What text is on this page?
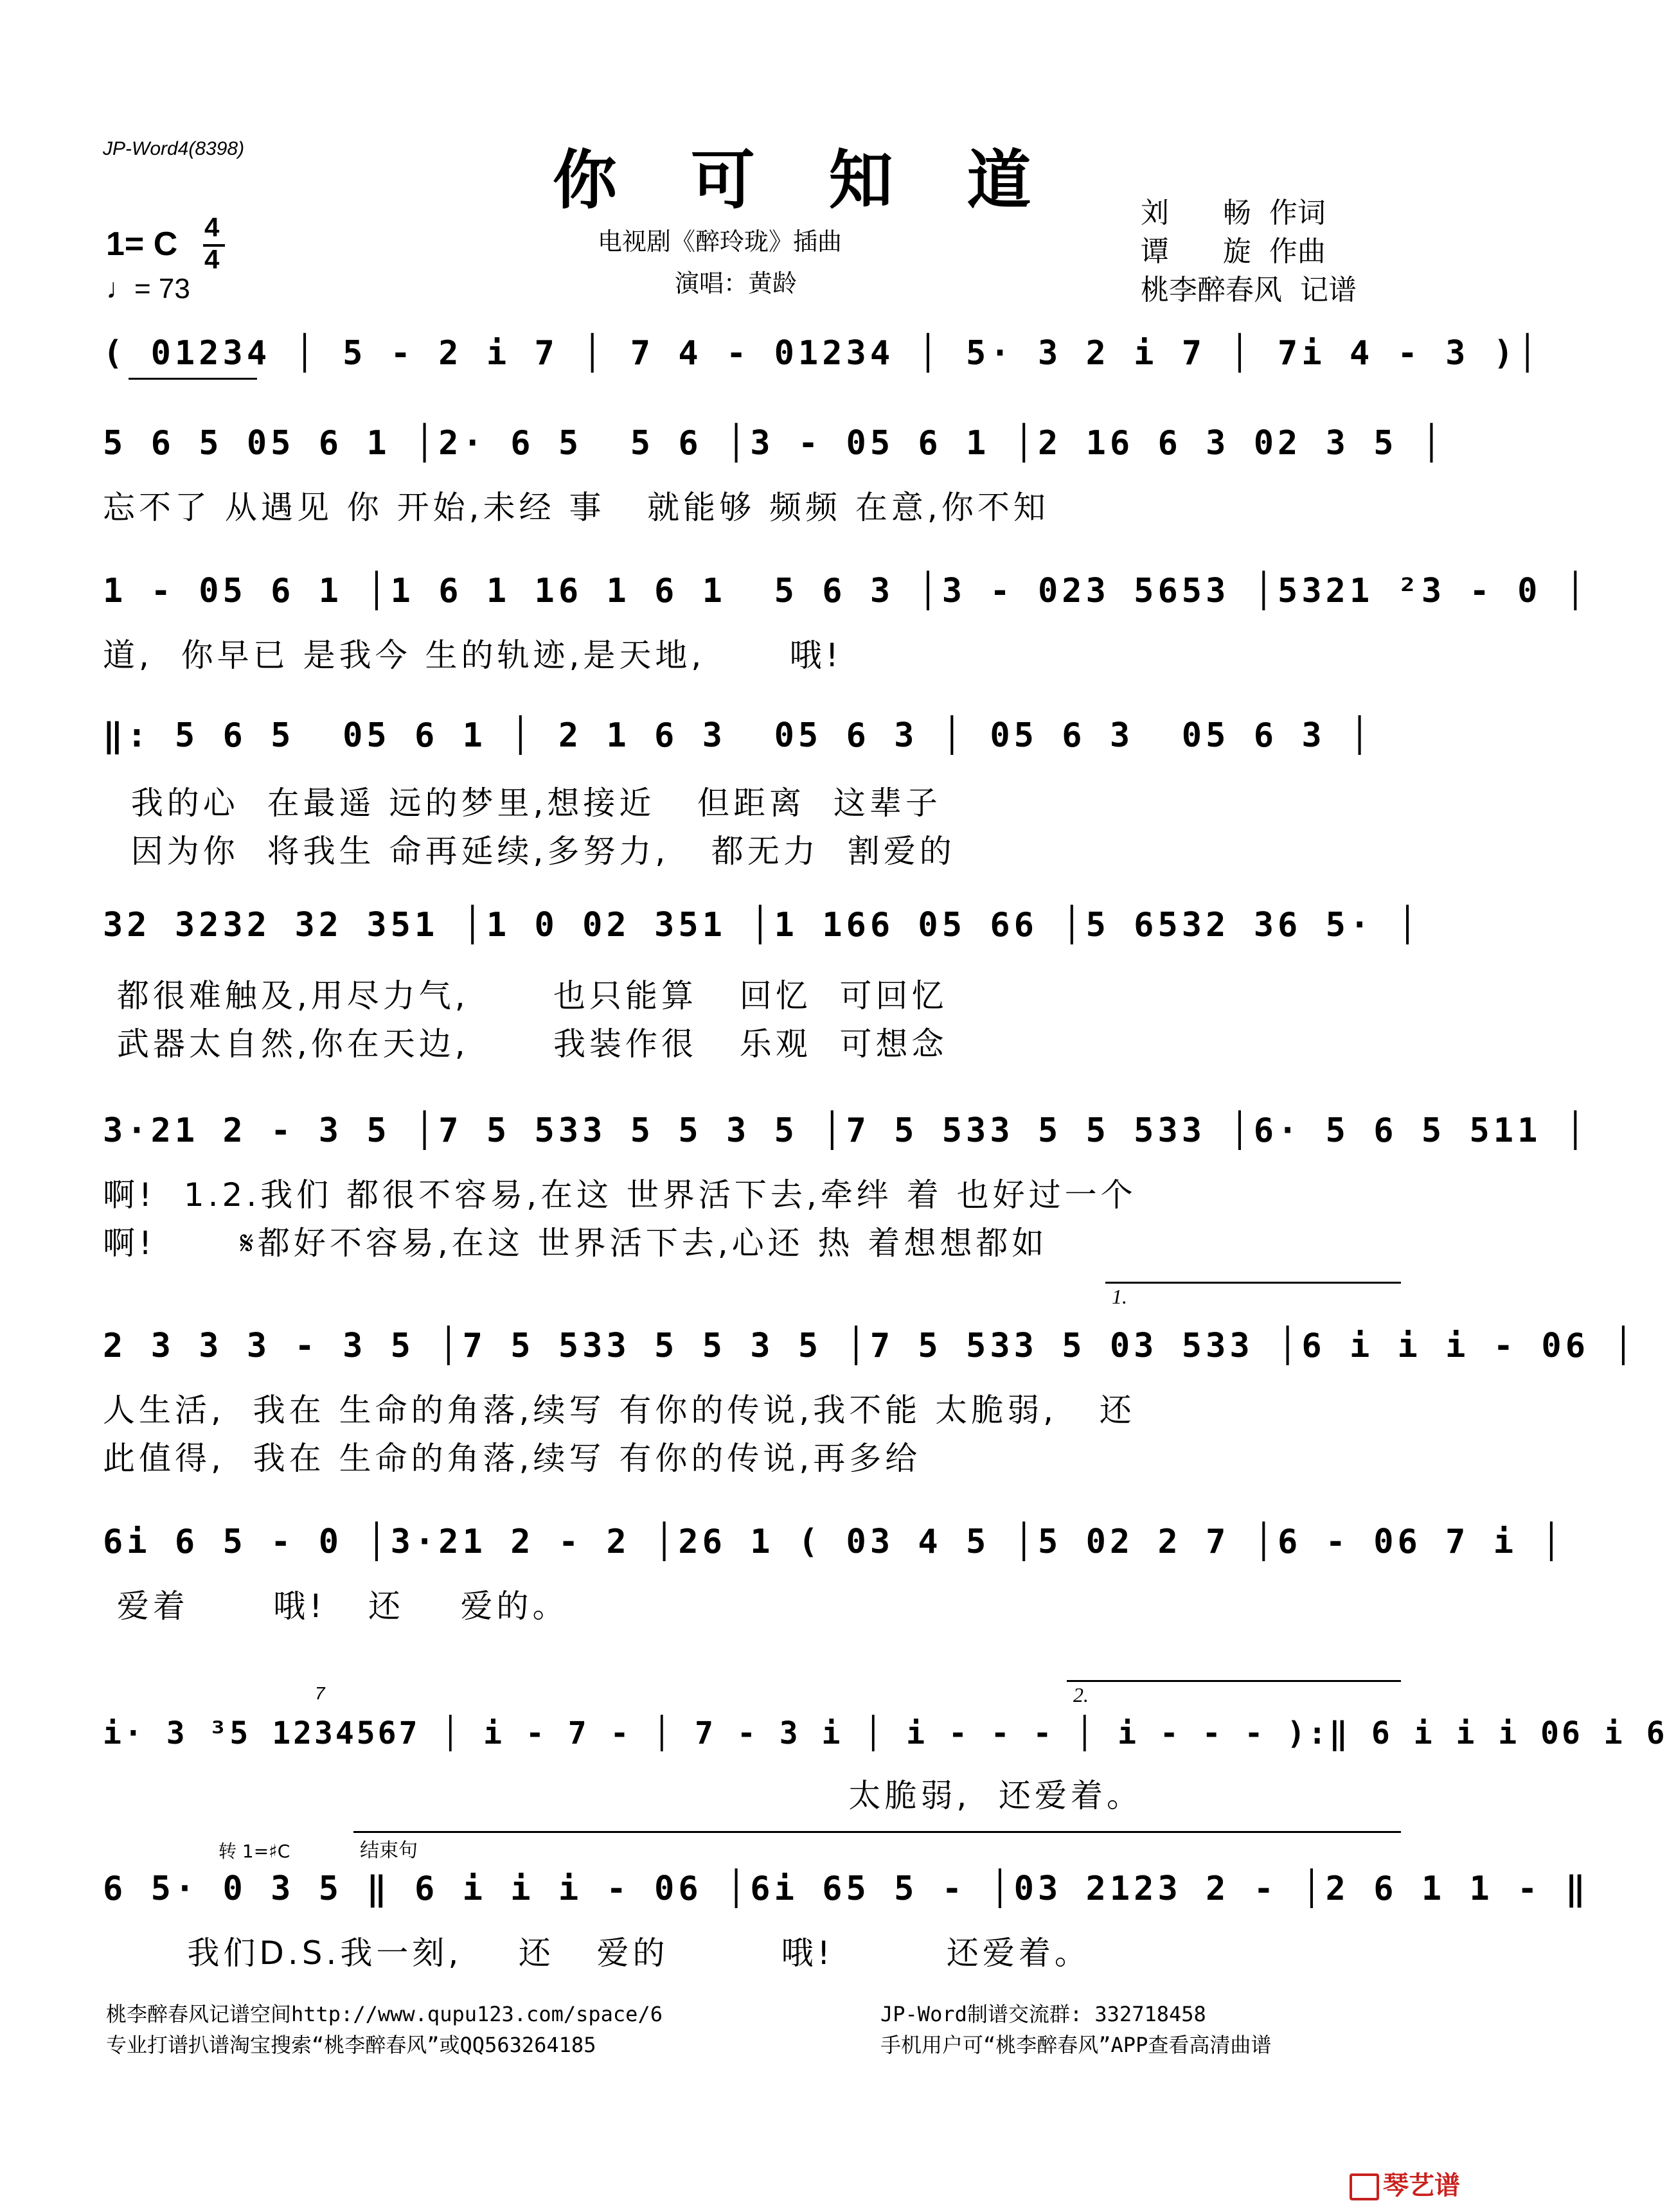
JP-Word4(8398)	你 可 知 道
电视剧《醉玲珑》插曲
演唱：黄龄
刘      畅  作词
谭      旋  作曲
桃李醉春风  记谱
1= C 4
4
♩= 73
( 01234 │ 5 - 2 i 7 │ 7 4 - 01234 │ 5· 3 2 i 7 │ 7i 4 - 3 )│
5 6 5 05 6 1 │2· 6 5  5 6 │3 - 05 6 1 │2 16 6 3 02 3 5 │
忘不了 从遇见 你 开始,未经 事   就能够 频频 在意,你不知
1 - 05 6 1 │1 6 1 16 1 6 1  5 6 3 │3 - 023 5653 │5321 ²3 - 0 │
道,  你早已 是我今 生的轨迹,是天地,      哦!
‖: 5 6 5  05 6 1 │ 2 1 6 3  05 6 3 │ 05 6 3  05 6 3 │
我的心  在最遥 远的梦里,想接近   但距离  这辈子
因为你  将我生 命再延续,多努力,   都无力  割爱的
32 3232 32 351 │1 0 02 351 │1 166 05 66 │5 6532 36 5· │
都很难触及,用尽力气,      也只能算   回忆  可回忆
武器太自然,你在天边,      我装作很   乐观  可想念
3·21 2 - 3 5 │7 5 533 5 5 3 5 │7 5 533 5 5 533 │6· 5 6 5 511 │
啊!  1.2.我们 都很不容易,在这 世界活下去,牵绊 着 也好过一个
啊!      𝄋都好不容易,在这 世界活下去,心还 热 着想想都如
1.
2 3 3 3 - 3 5 │7 5 533 5 5 3 5 │7 5 533 5 03 533 │6 i i i - 06 │
人生活,  我在 生命的角落,续写 有你的传说,我不能 太脆弱,   还
此值得,  我在 生命的角落,续写 有你的传说,再多给
6i 6 5 - 0 │3·21 2 - 2 │26 1 ( 03 4 5 │5 02 2 7 │6 - 06 7 i │
爱着      哦!   还    爱的。
7	2.
i· 3 ³5 1234567 │ i - 7 - │ 7 - 3 i │ i - - - │ i - - - ):‖ 6 i i i 06 i 6
太脆弱,  还爱着。
转 1=♯C	结束句
6 5· 0 3 5 ‖ 6 i i i - 06 │6i 65 5 - │03 2123 2 - │2 6 1 1 - ‖
我们D.S.我一刻,    还   爱的        哦!        还爱着。
桃李醉春风记谱空间http://www.qupu123.com/space/6
专业打谱扒谱淘宝搜索“桃李醉春风”或QQ563264185
JP-Word制谱交流群: 332718458
手机用户可“桃李醉春风”APP查看高清曲谱
琴艺谱
